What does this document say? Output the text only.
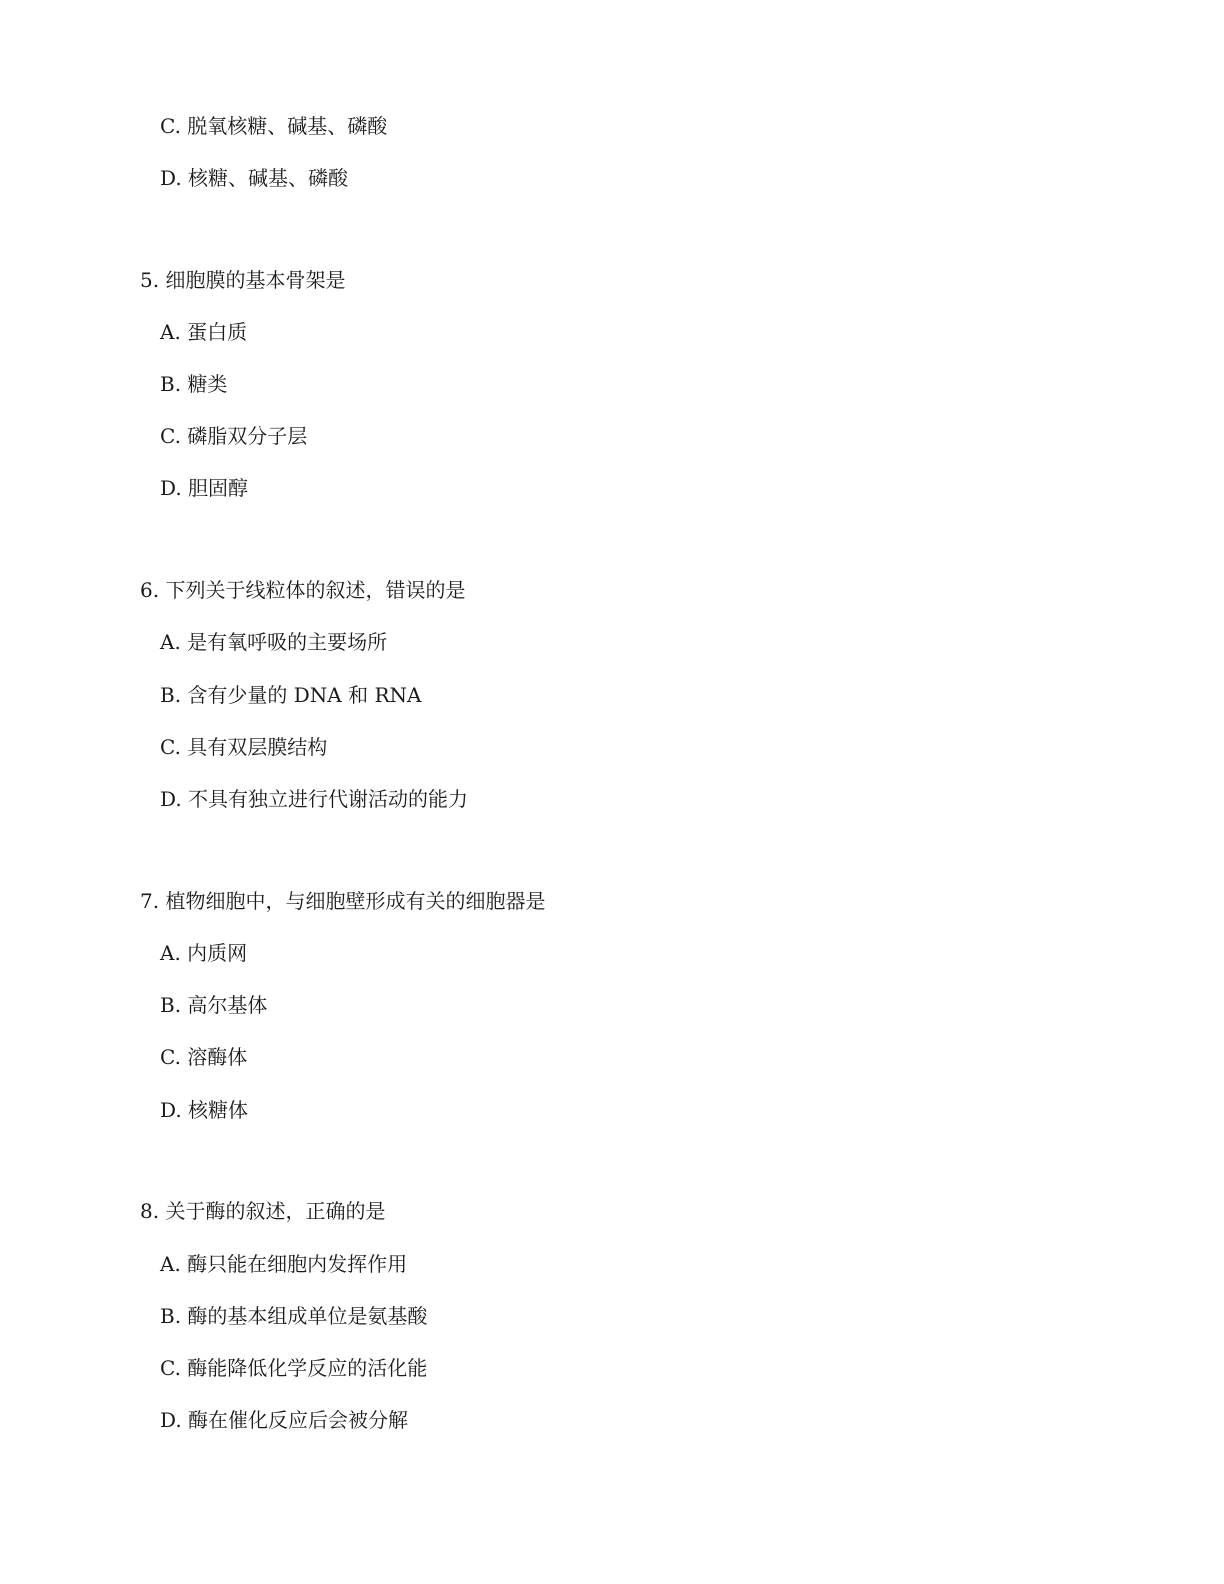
C. 脱氧核糖、碱基、磷酸
D. 核糖、碱基、磷酸
5. 细胞膜的基本骨架是
A. 蛋白质
B. 糖类
C. 磷脂双分子层
D. 胆固醇
6. 下列关于线粒体的叙述，错误的是
A. 是有氧呼吸的主要场所
B. 含有少量的 DNA 和 RNA
C. 具有双层膜结构
D. 不具有独立进行代谢活动的能力
7. 植物细胞中，与细胞壁形成有关的细胞器是
A. 内质网
B. 高尔基体
C. 溶酶体
D. 核糖体
8. 关于酶的叙述，正确的是
A. 酶只能在细胞内发挥作用
B. 酶的基本组成单位是氨基酸
C. 酶能降低化学反应的活化能
D. 酶在催化反应后会被分解
